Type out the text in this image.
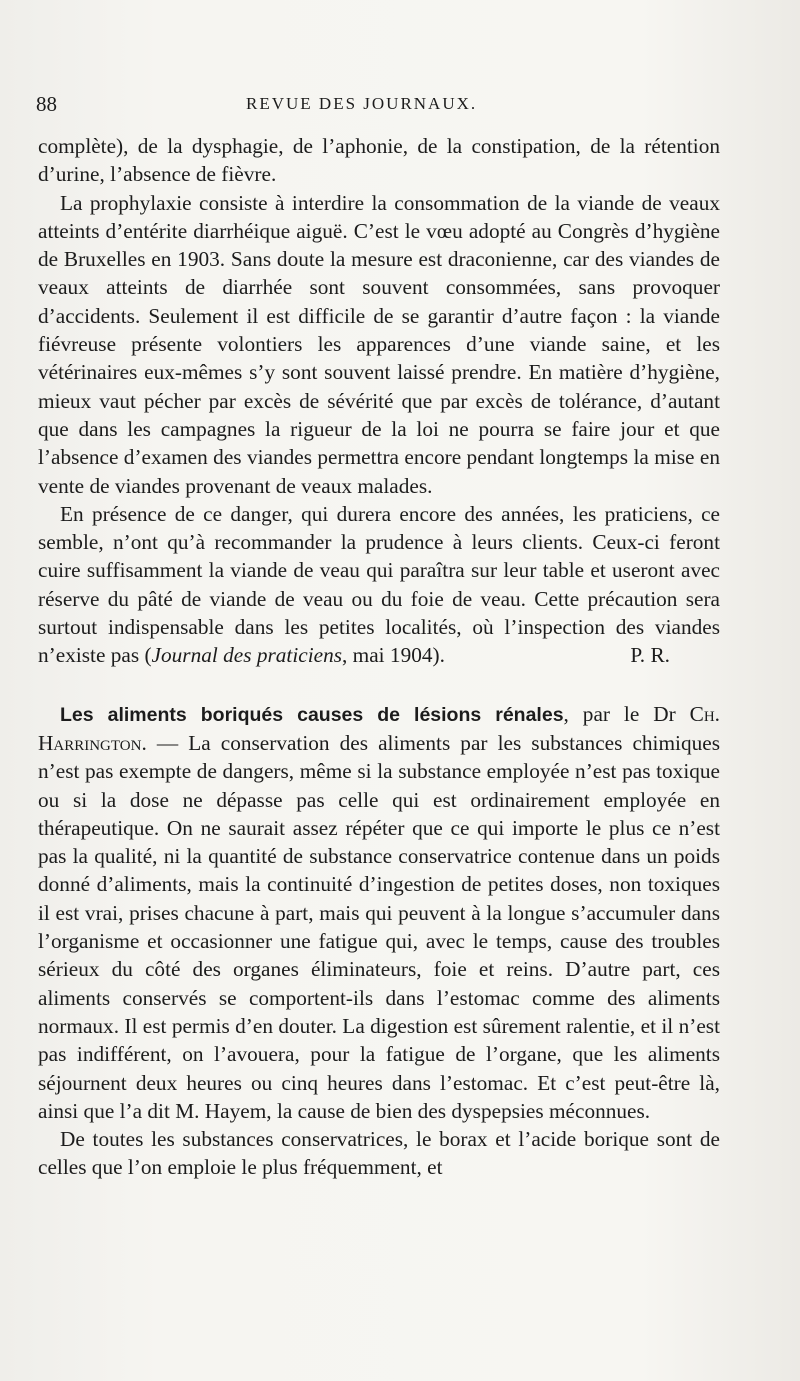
88	REVUE DES JOURNAUX.

complète), de la dysphagie, de l’aphonie, de la constipation, de la rétention d’urine, l’absence de fièvre.

La prophylaxie consiste à interdire la consommation de la viande de veaux atteints d’entérite diarrhéique aiguë. C’est le vœu adopté au Congrès d’hygiène de Bruxelles en 1903. Sans doute la mesure est draconienne, car des viandes de veaux atteints de diarrhée sont souvent consommées, sans provoquer d’accidents. Seulement il est difficile de se garantir d’autre façon : la viande fiévreuse présente volontiers les apparences d’une viande saine, et les vétérinaires eux-mêmes s’y sont souvent laissé prendre. En matière d’hygiène, mieux vaut pécher par excès de sévérité que par excès de tolérance, d’autant que dans les campagnes la rigueur de la loi ne pourra se faire jour et que l’absence d’examen des viandes permettra encore pendant longtemps la mise en vente de viandes provenant de veaux malades.

En présence de ce danger, qui durera encore des années, les praticiens, ce semble, n’ont qu’à recommander la prudence à leurs clients. Ceux-ci feront cuire suffisamment la viande de veau qui paraîtra sur leur table et useront avec réserve du pâté de viande de veau ou du foie de veau. Cette précaution sera surtout indispensable dans les petites localités, où l’inspection des viandes n’existe pas (Journal des praticiens, mai 1904).	P. R.

Les aliments boriqués causes de lésions rénales, par le Dr Ch. Harrington. — La conservation des aliments par les substances chimiques n’est pas exempte de dangers, même si la substance employée n’est pas toxique ou si la dose ne dépasse pas celle qui est ordinairement employée en thérapeutique. On ne saurait assez répéter que ce qui importe le plus ce n’est pas la qualité, ni la quantité de substance conservatrice contenue dans un poids donné d’aliments, mais la continuité d’ingestion de petites doses, non toxiques il est vrai, prises chacune à part, mais qui peuvent à la longue s’accumuler dans l’organisme et occasionner une fatigue qui, avec le temps, cause des troubles sérieux du côté des organes éliminateurs, foie et reins. D’autre part, ces aliments conservés se comportent-ils dans l’estomac comme des aliments normaux. Il est permis d’en douter. La digestion est sûrement ralentie, et il n’est pas indifférent, on l’avouera, pour la fatigue de l’organe, que les aliments séjournent deux heures ou cinq heures dans l’estomac. Et c’est peut-être là, ainsi que l’a dit M. Hayem, la cause de bien des dyspepsies méconnues.

De toutes les substances conservatrices, le borax et l’acide borique sont de celles que l’on emploie le plus fréquemment, et
